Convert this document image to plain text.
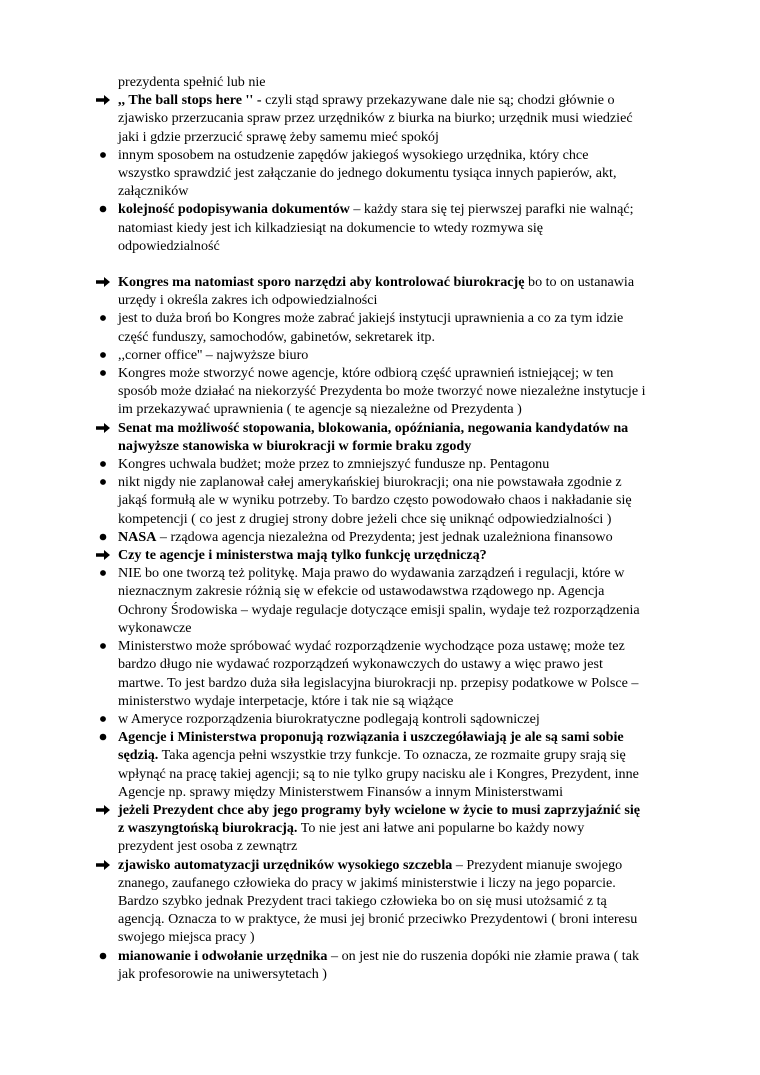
prezydenta spełnić lub nie
,, The ball stops here '' - czyli stąd sprawy przekazywane dale nie są; chodzi głównie o
zjawisko przerzucania spraw przez urzędników z biurka na biurko; urzędnik musi wiedzieć
jaki i gdzie przerzucić sprawę żeby samemu mieć spokój
innym sposobem na ostudzenie zapędów jakiegoś wysokiego urzędnika, który chce
wszystko sprawdzić jest załączanie do jednego dokumentu tysiąca innych papierów, akt,
załączników
kolejność podopisywania dokumentów – każdy stara się tej pierwszej parafki nie walnąć;
natomiast kiedy jest ich kilkadziesiąt na dokumencie to wtedy rozmywa się
odpowiedzialność
Kongres ma natomiast sporo narzędzi aby kontrolować biurokrację bo to on ustanawia
urzędy i określa zakres ich odpowiedzialności
jest to duża broń bo Kongres może zabrać jakiejś instytucji uprawnienia a co za tym idzie
część funduszy, samochodów, gabinetów, sekretarek itp.
,,corner office'' – najwyższe biuro
Kongres może stworzyć nowe agencje, które odbiorą część uprawnień istniejącej; w ten
sposób może działać na niekorzyść Prezydenta bo może tworzyć nowe niezależne instytucje i
im przekazywać uprawnienia ( te agencje są niezależne od Prezydenta )
Senat ma możliwość stopowania, blokowania, opóźniania, negowania kandydatów na
najwyższe stanowiska w biurokracji w formie braku zgody
Kongres uchwala budżet; może przez to zmniejszyć fundusze np. Pentagonu
nikt nigdy nie zaplanował całej amerykańskiej biurokracji; ona nie powstawała zgodnie z
jakąś formułą ale w wyniku potrzeby. To bardzo często powodowało chaos i nakładanie się
kompetencji ( co jest z drugiej strony dobre jeżeli chce się uniknąć odpowiedzialności )
NASA – rządowa agencja niezależna od Prezydenta; jest jednak uzależniona finansowo
Czy te agencje i ministerstwa mają tylko funkcję urzędniczą?
NIE bo one tworzą też politykę. Maja prawo do wydawania zarządzeń i regulacji, które w
nieznacznym zakresie różnią się w efekcie od ustawodawstwa rządowego np. Agencja
Ochrony Środowiska – wydaje regulacje dotyczące emisji spalin, wydaje też rozporządzenia
wykonawcze
Ministerstwo może spróbować wydać rozporządzenie wychodzące poza ustawę; może tez
bardzo długo nie wydawać rozporządzeń wykonawczych do ustawy a więc prawo jest
martwe. To jest bardzo duża siła legislacyjna biurokracji np. przepisy podatkowe w Polsce –
ministerstwo wydaje interpetacje, które i tak nie są wiążące
w Ameryce rozporządzenia biurokratyczne podlegają kontroli sądowniczej
Agencje i Ministerstwa proponują rozwiązania i uszczegóławiają je ale są sami sobie
sędzią. Taka agencja pełni wszystkie trzy funkcje. To oznacza, ze rozmaite grupy srają się
wpłynąć na pracę takiej agencji; są to nie tylko grupy nacisku ale i Kongres, Prezydent, inne
Agencje np. sprawy między Ministerstwem Finansów a innym Ministerstwami
jeżeli Prezydent chce aby jego programy były wcielone w życie to musi zaprzyjaźnić się
z waszyngtońską biurokracją. To nie jest ani łatwe ani popularne bo każdy nowy
prezydent jest osoba z zewnątrz
zjawisko automatyzacji urzędników wysokiego szczebla – Prezydent mianuje swojego
znanego, zaufanego człowieka do pracy w jakimś ministerstwie i liczy na jego poparcie.
Bardzo szybko jednak Prezydent traci takiego człowieka bo on się musi utożsamić z tą
agencją. Oznacza to w praktyce, że musi jej bronić przeciwko Prezydentowi ( broni interesu
swojego miejsca pracy )
mianowanie i odwołanie urzędnika – on jest nie do ruszenia dopóki nie złamie prawa ( tak
jak profesorowie na uniwersytetach )
